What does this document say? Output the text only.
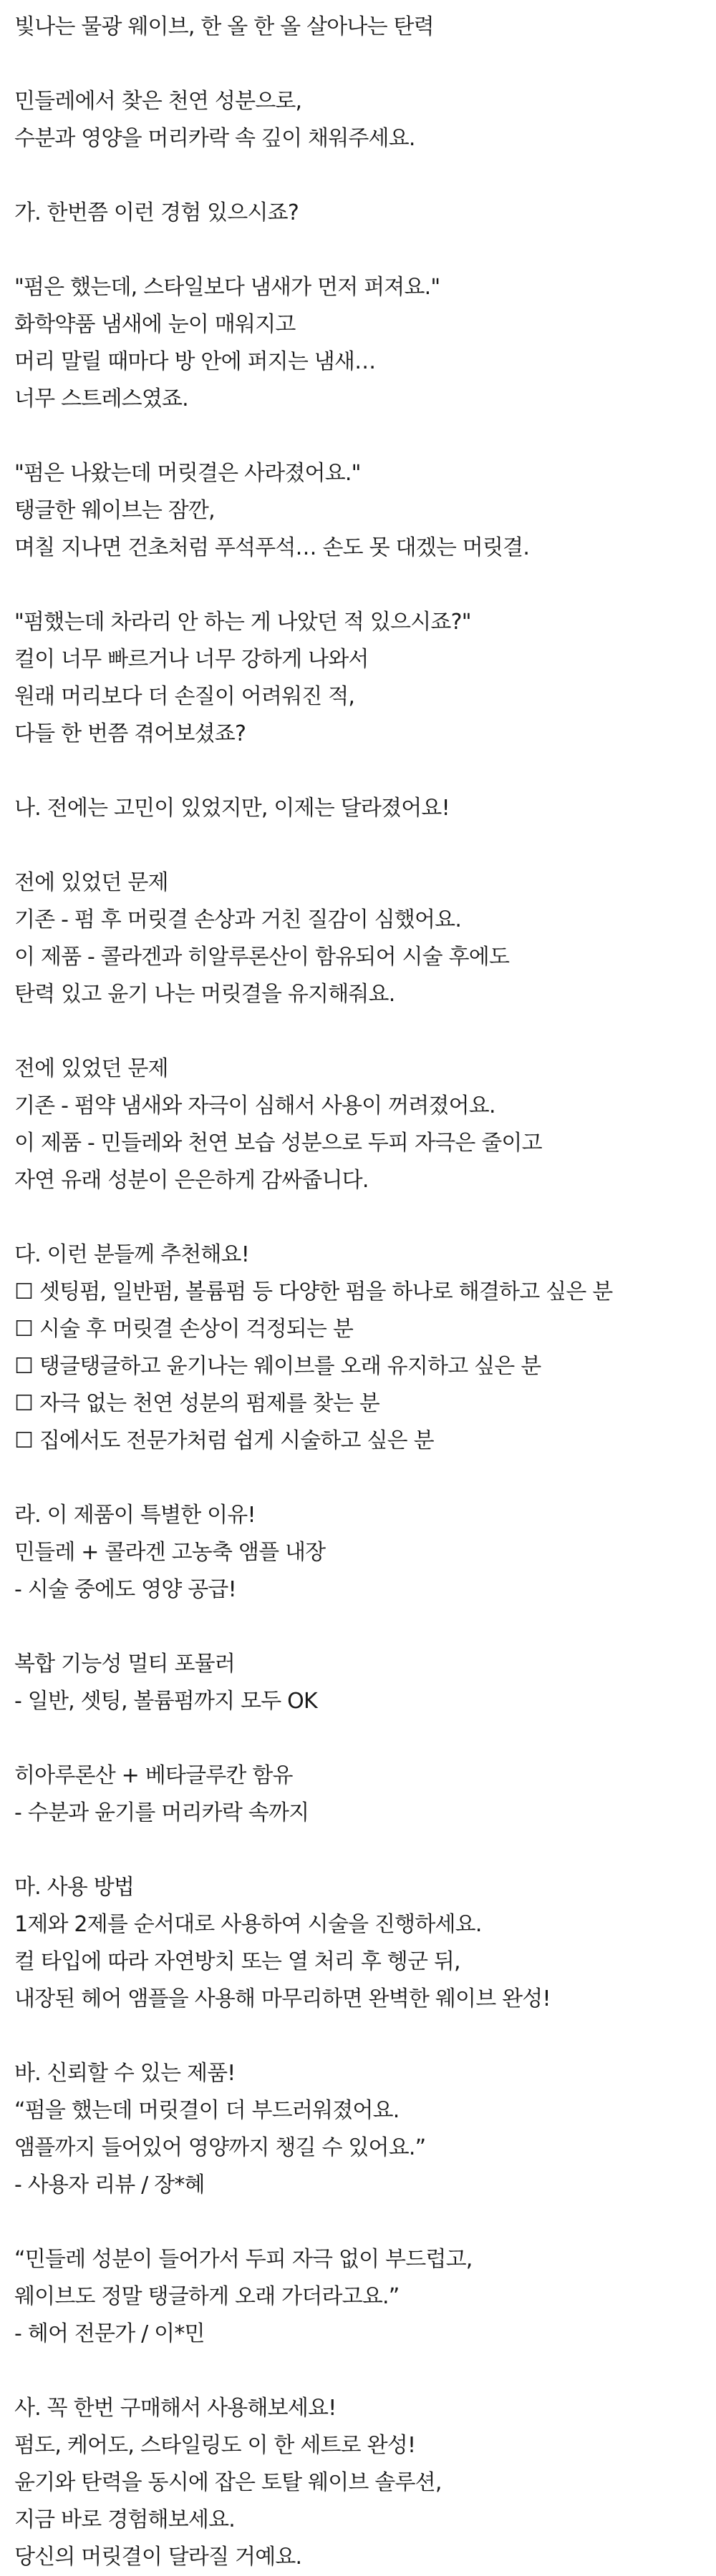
빛나는 물광 웨이브, 한 올 한 올 살아나는 탄력
민들레에서 찾은 천연 성분으로,
수분과 영양을 머리카락 속 깊이 채워주세요.
가. 한번쯤 이런 경험 있으시죠?
"펌은 했는데, 스타일보다 냄새가 먼저 퍼져요."
화학약품 냄새에 눈이 매워지고
머리 말릴 때마다 방 안에 퍼지는 냄새…
너무 스트레스였죠.
"펌은 나왔는데 머릿결은 사라졌어요."
탱글한 웨이브는 잠깐,
며칠 지나면 건초처럼 푸석푸석… 손도 못 대겠는 머릿결.
"펌했는데 차라리 안 하는 게 나았던 적 있으시죠?"
컬이 너무 빠르거나 너무 강하게 나와서
원래 머리보다 더 손질이 어려워진 적,
다들 한 번쯤 겪어보셨죠?
나. 전에는 고민이 있었지만, 이제는 달라졌어요!
전에 있었던 문제
기존 - 펌 후 머릿결 손상과 거친 질감이 심했어요.
이 제품 - 콜라겐과 히알루론산이 함유되어 시술 후에도
탄력 있고 윤기 나는 머릿결을 유지해줘요.
전에 있었던 문제
기존 - 펌약 냄새와 자극이 심해서 사용이 꺼려졌어요.
이 제품 - 민들레와 천연 보습 성분으로 두피 자극은 줄이고
자연 유래 성분이 은은하게 감싸줍니다.
다. 이런 분들께 추천해요!
☐ 셋팅펌, 일반펌, 볼륨펌 등 다양한 펌을 하나로 해결하고 싶은 분
☐ 시술 후 머릿결 손상이 걱정되는 분
☐ 탱글탱글하고 윤기나는 웨이브를 오래 유지하고 싶은 분
☐ 자극 없는 천연 성분의 펌제를 찾는 분
☐ 집에서도 전문가처럼 쉽게 시술하고 싶은 분
라. 이 제품이 특별한 이유!
민들레 + 콜라겐 고농축 앰플 내장
- 시술 중에도 영양 공급!
복합 기능성 멀티 포뮬러
- 일반, 셋팅, 볼륨펌까지 모두 OK
히아루론산 + 베타글루칸 함유
- 수분과 윤기를 머리카락 속까지
마. 사용 방법
1제와 2제를 순서대로 사용하여 시술을 진행하세요.
컬 타입에 따라 자연방치 또는 열 처리 후 헹군 뒤,
내장된 헤어 앰플을 사용해 마무리하면 완벽한 웨이브 완성!
바. 신뢰할 수 있는 제품!
“펌을 했는데 머릿결이 더 부드러워졌어요.
앰플까지 들어있어 영양까지 챙길 수 있어요.”
- 사용자 리뷰 / 장*혜
“민들레 성분이 들어가서 두피 자극 없이 부드럽고,
웨이브도 정말 탱글하게 오래 가더라고요.”
- 헤어 전문가 / 이*민
사. 꼭 한번 구매해서 사용해보세요!
펌도, 케어도, 스타일링도 이 한 세트로 완성!
윤기와 탄력을 동시에 잡은 토탈 웨이브 솔루션,
지금 바로 경험해보세요.
당신의 머릿결이 달라질 거예요.
